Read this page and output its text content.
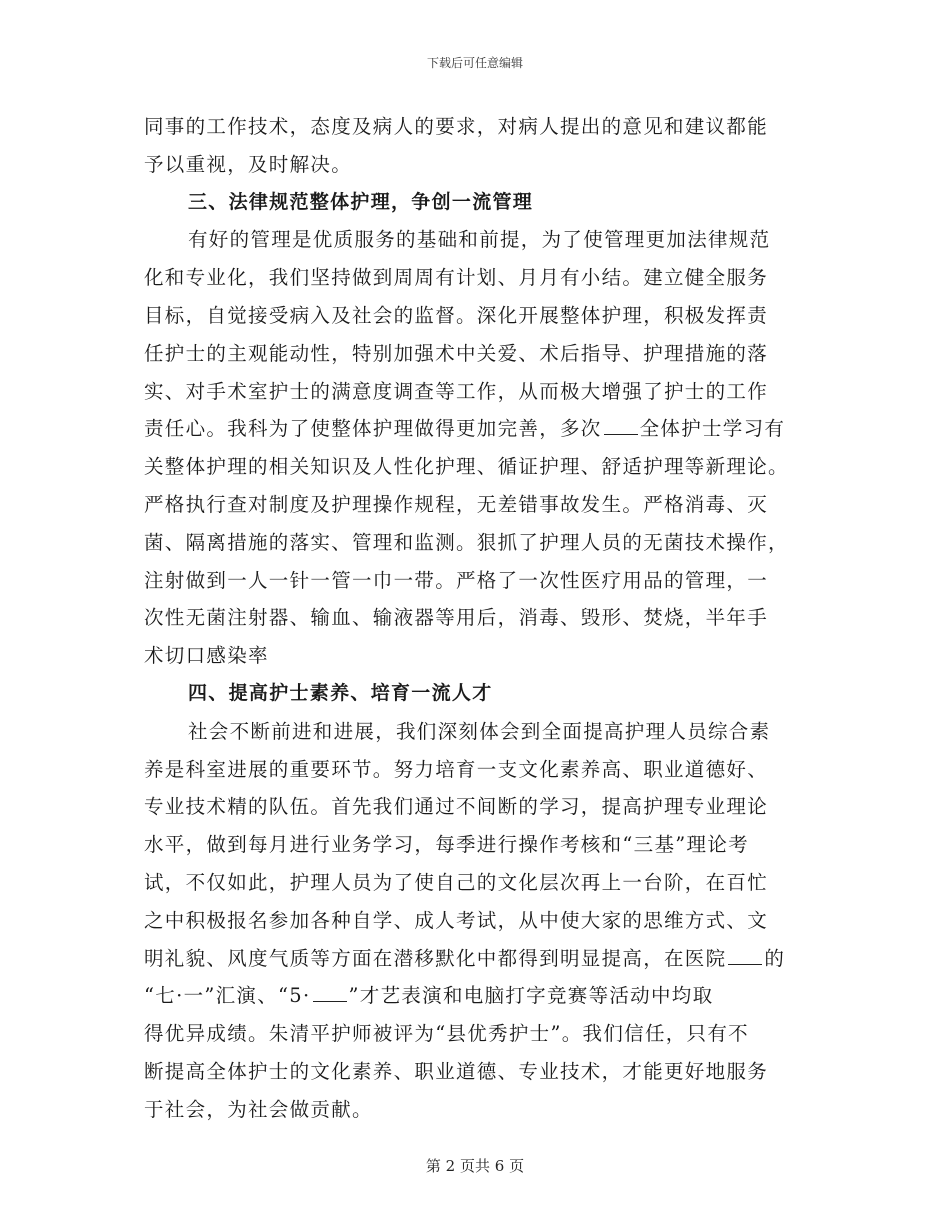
下载后可任意编辑
同事的工作技术，态度及病人的要求，对病人提出的意见和建议都能
予以重视，及时解决。
三、法律规范整体护理，争创一流管理
有好的管理是优质服务的基础和前提，为了使管理更加法律规范
化和专业化，我们坚持做到周周有计划、月月有小结。建立健全服务
目标，自觉接受病入及社会的监督。深化开展整体护理，积极发挥责
任护士的主观能动性，特别加强术中关爱、术后指导、护理措施的落
实、对手术室护士的满意度调查等工作，从而极大增强了护士的工作
责任心。我科为了使整体护理做得更加完善，多次 全体护士学习有
关整体护理的相关知识及人性化护理、循证护理、舒适护理等新理论。
严格执行查对制度及护理操作规程，无差错事故发生。严格消毒、灭
菌、隔离措施的落实、管理和监测。狠抓了护理人员的无菌技术操作，
注射做到一人一针一管一巾一带。严格了一次性医疗用品的管理，一
次性无菌注射器、输血、输液器等用后，消毒、毁形、焚烧，半年手
术切口感染率
四、提高护士素养、培育一流人才
社会不断前进和进展，我们深刻体会到全面提高护理人员综合素
养是科室进展的重要环节。努力培育一支文化素养高、职业道德好、
专业技术精的队伍。首先我们通过不间断的学习，提高护理专业理论
水平，做到每月进行业务学习，每季进行操作考核和“三基”理论考
试，不仅如此，护理人员为了使自己的文化层次再上一台阶，在百忙
之中积极报名参加各种自学、成人考试，从中使大家的思维方式、文
明礼貌、风度气质等方面在潜移默化中都得到明显提高，在医院 的
“七·一”汇演、“5· ”才艺表演和电脑打字竞赛等活动中均取
得优异成绩。朱清平护师被评为“县优秀护士”。我们信任，只有不
断提高全体护士的文化素养、职业道德、专业技术，才能更好地服务
于社会，为社会做贡献。
第 2 页共 6 页
